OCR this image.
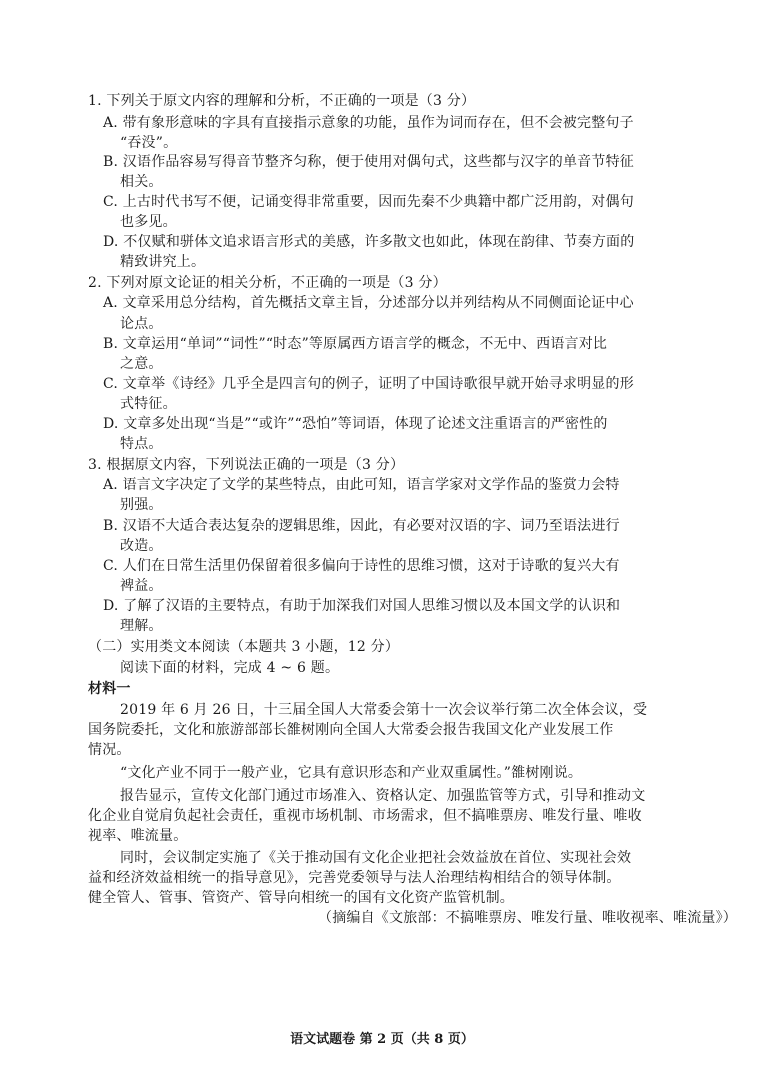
1. 下列关于原文内容的理解和分析，不正确的一项是（3 分）
A. 带有象形意味的字具有直接指示意象的功能，虽作为词而存在，但不会被完整句子
“吞没”。
B. 汉语作品容易写得音节整齐匀称，便于使用对偶句式，这些都与汉字的单音节特征
相关。
C. 上古时代书写不便，记诵变得非常重要，因而先秦不少典籍中都广泛用韵，对偶句
也多见。
D. 不仅赋和骈体文追求语言形式的美感，许多散文也如此，体现在韵律、节奏方面的
精致讲究上。
2. 下列对原文论证的相关分析，不正确的一项是（3 分）
A. 文章采用总分结构，首先概括文章主旨，分述部分以并列结构从不同侧面论证中心
论点。
B. 文章运用“单词”“词性”“时态”等原属西方语言学的概念，不无中、西语言对比
之意。
C. 文章举《诗经》几乎全是四言句的例子，证明了中国诗歌很早就开始寻求明显的形
式特征。
D. 文章多处出现“当是”“或许”“恐怕”等词语，体现了论述文注重语言的严密性的
特点。
3. 根据原文内容，下列说法正确的一项是（3 分）
A. 语言文字决定了文学的某些特点，由此可知，语言学家对文学作品的鉴赏力会特
别强。
B. 汉语不大适合表达复杂的逻辑思维，因此，有必要对汉语的字、词乃至语法进行
改造。
C. 人们在日常生活里仍保留着很多偏向于诗性的思维习惯，这对于诗歌的复兴大有
裨益。
D. 了解了汉语的主要特点，有助于加深我们对国人思维习惯以及本国文学的认识和
理解。
（二）实用类文本阅读（本题共 3 小题，12 分）
阅读下面的材料，完成 4 ~ 6 题。
材料一
2019 年 6 月 26 日，十三届全国人大常委会第十一次会议举行第二次全体会议，受
国务院委托，文化和旅游部部长雒树刚向全国人大常委会报告我国文化产业发展工作
情况。
“文化产业不同于一般产业，它具有意识形态和产业双重属性。”雒树刚说。
报告显示，宣传文化部门通过市场准入、资格认定、加强监管等方式，引导和推动文
化企业自觉肩负起社会责任，重视市场机制、市场需求，但不搞唯票房、唯发行量、唯收
视率、唯流量。
同时，会议制定实施了《关于推动国有文化企业把社会效益放在首位、实现社会效
益和经济效益相统一的指导意见》，完善党委领导与法人治理结构相结合的领导体制。
健全管人、管事、管资产、管导向相统一的国有文化资产监管机制。
（摘编自《文旅部：不搞唯票房、唯发行量、唯收视率、唯流量》）
语文试题卷 第 2 页（共 8 页）
